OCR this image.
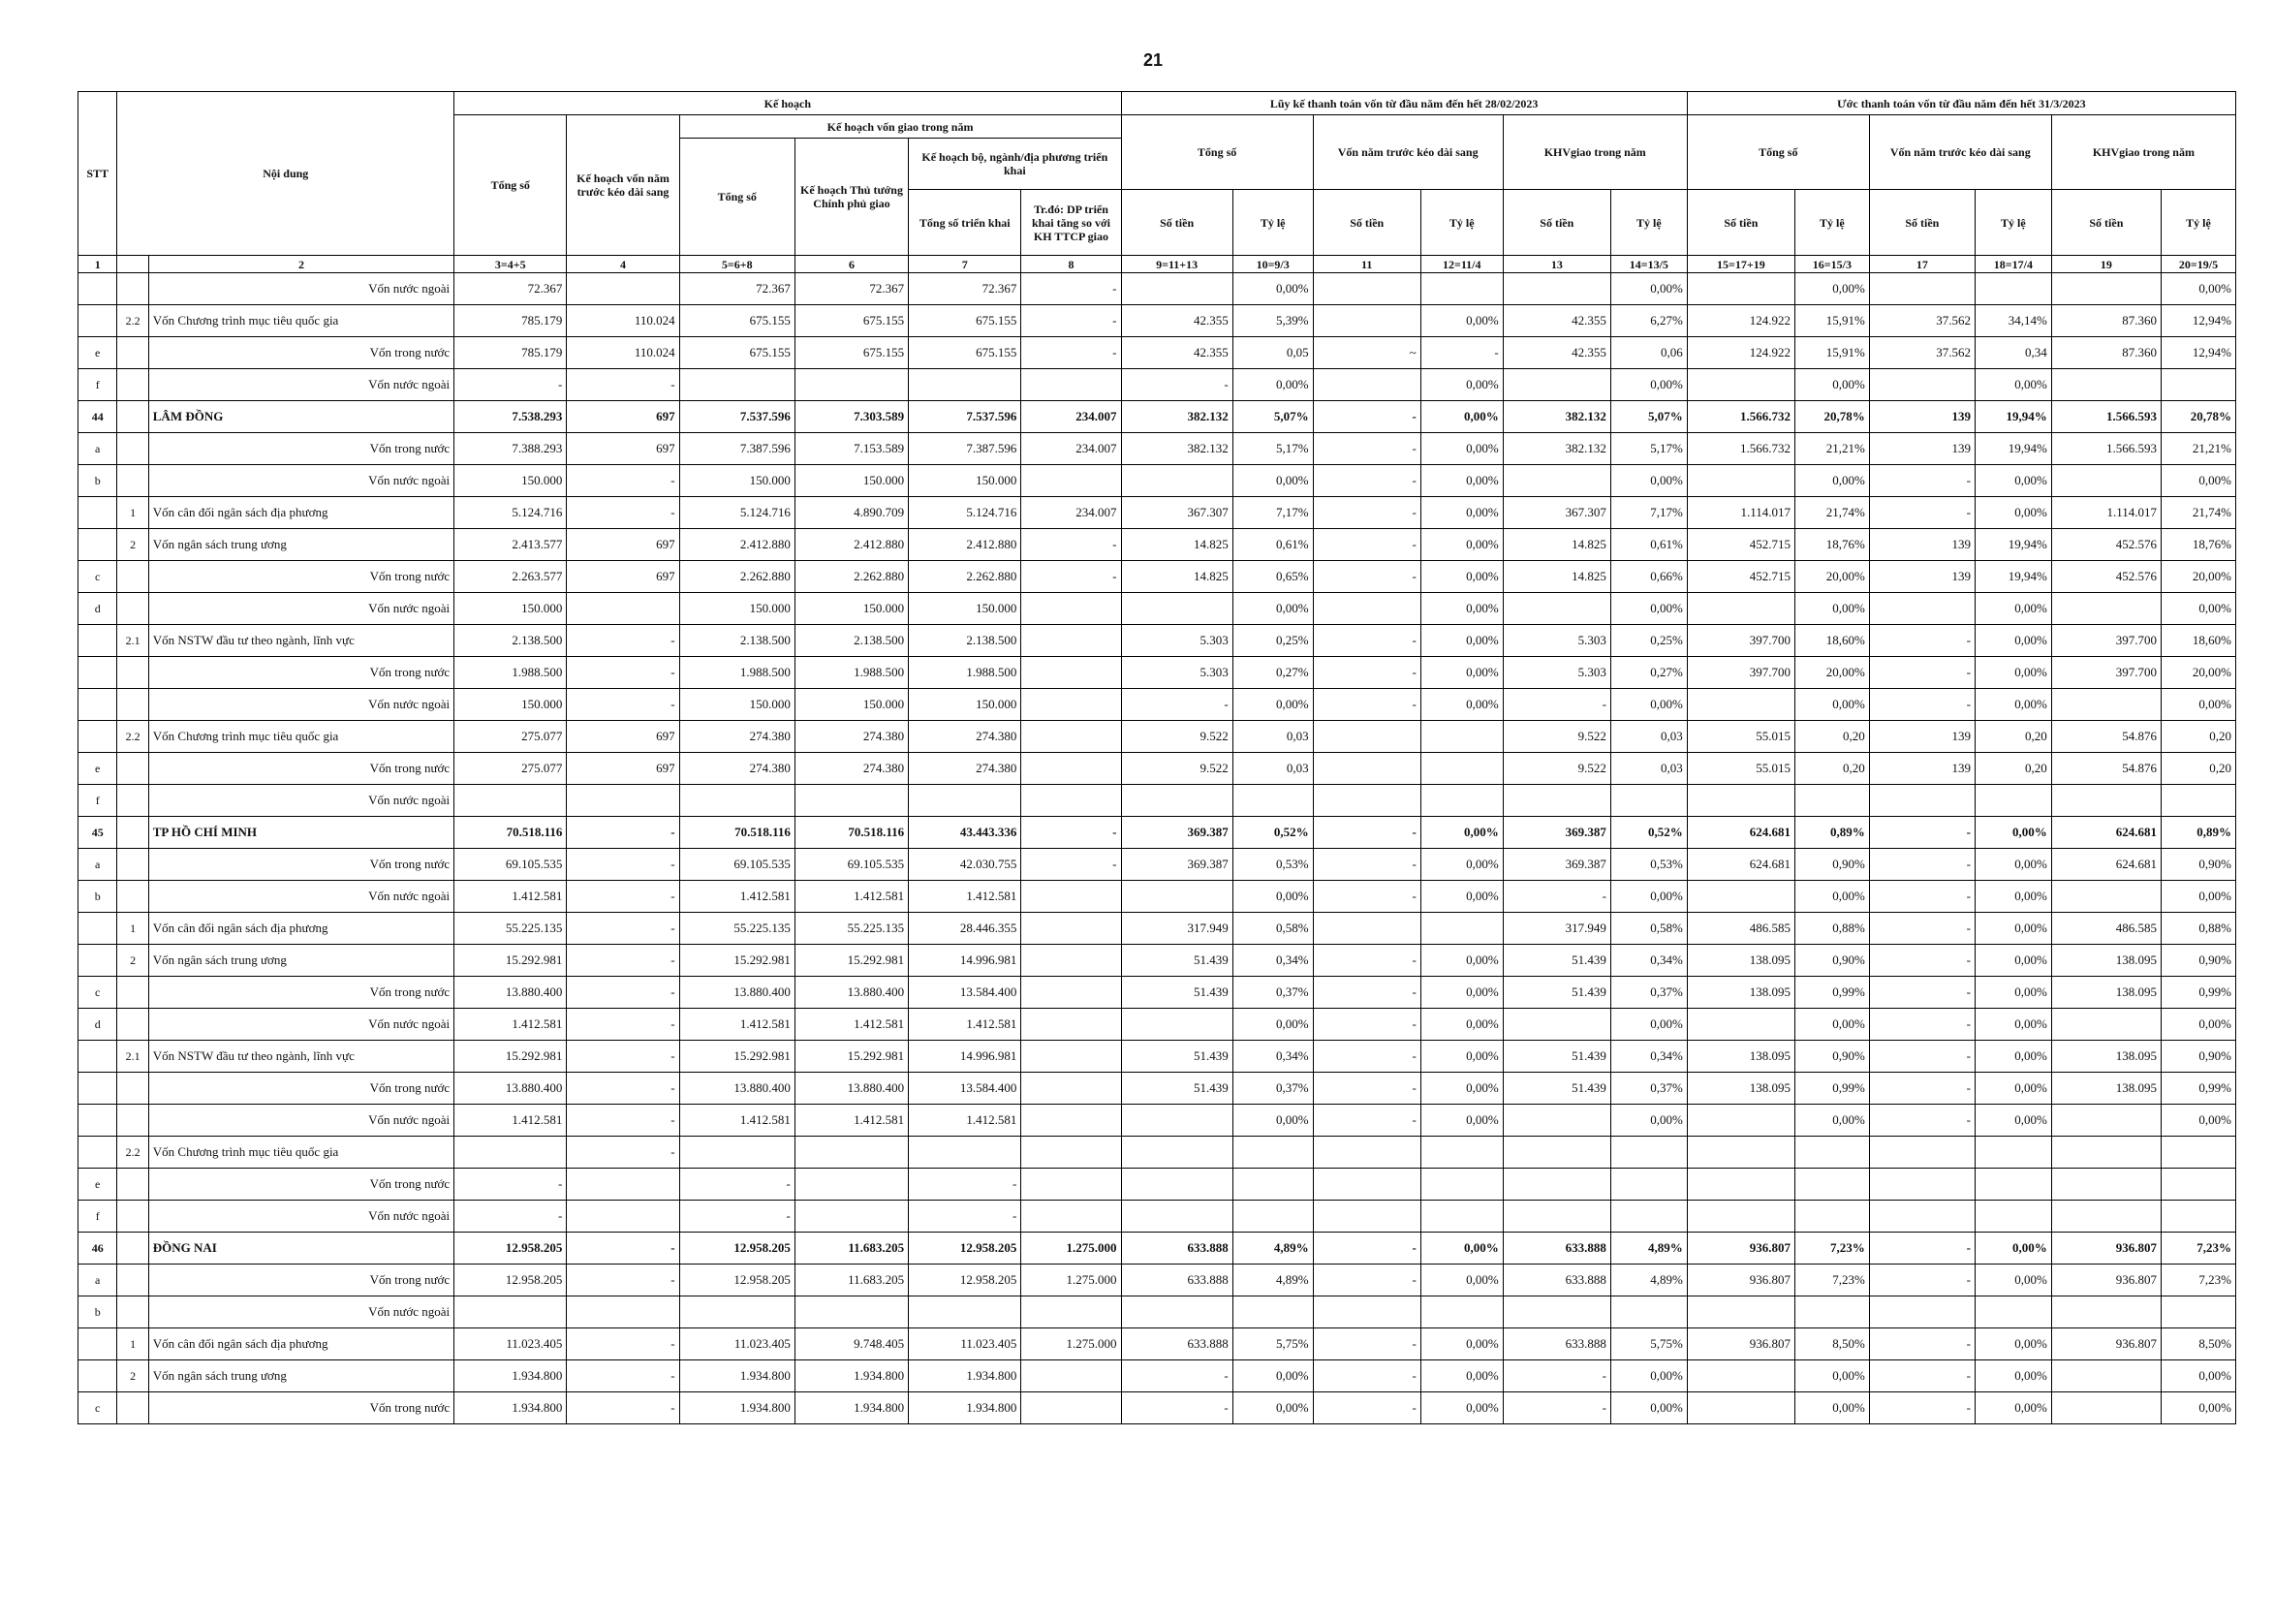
21
STT	Nội dung		Kế hoạch						Lũy kế thanh toán vốn từ đầu năm đến hết 28/02/2023						Ước thanh toán vốn từ đầu năm đến hết 31/3/2023					
			Tổng số	Kế hoạch vốn năm trước kéo dài sang	Kế hoạch vốn giao trong năm				Tổng số		Vốn năm trước kéo dài sang		KHVgiao trong năm		Tổng số		Vốn năm trước kéo dài sang		KHVgiao trong năm	
					Tổng số	Kế hoạch Thủ tướng Chính phủ giao	Kế hoạch bộ, ngành/địa phương triển khai													
							Tổng số triển khai	Tr.đó: DP triển khai tăng so với KH TTCP giao	Số tiền	Tỷ lệ	Số tiền	Tỷ lệ	Số tiền	Tỷ lệ	Số tiền	Tỷ lệ	Số tiền	Tỷ lệ	Số tiền	Tỷ lệ
1		2	3=4+5	4	5=6+8	6	7	8	9=11+13	10=9/3	11	12=11/4	13	14=13/5	15=17+19	16=15/3	17	18=17/4	19	20=19/5
		Vốn nước ngoài	72.367		72.367	72.367	72.367	-		0,00%				0,00%		0,00%				0,00%
	2.2	Vốn Chương trình mục tiêu quốc gia	785.179	110.024	675.155	675.155	675.155	-	42.355	5,39%		0,00%	42.355	6,27%	124.922	15,91%	37.562	34,14%	87.360	12,94%
e		Vốn trong nước	785.179	110.024	675.155	675.155	675.155	-	42.355	0,05	~	-	42.355	0,06	124.922	15,91%	37.562	0,34	87.360	12,94%
f		Vốn nước ngoài	-	-					-	0,00%		0,00%		0,00%		0,00%		0,00%		
44		LÂM ĐỒNG	7.538.293	697	7.537.596	7.303.589	7.537.596	234.007	382.132	5,07%	-	0,00%	382.132	5,07%	1.566.732	20,78%	139	19,94%	1.566.593	20,78%
a		Vốn trong nước	7.388.293	697	7.387.596	7.153.589	7.387.596	234.007	382.132	5,17%	-	0,00%	382.132	5,17%	1.566.732	21,21%	139	19,94%	1.566.593	21,21%
b		Vốn nước ngoài	150.000	-	150.000	150.000	150.000			0,00%	-	0,00%		0,00%		0,00%	-	0,00%		0,00%
	1	Vốn cân đối ngân sách địa phương	5.124.716	-	5.124.716	4.890.709	5.124.716	234.007	367.307	7,17%	-	0,00%	367.307	7,17%	1.114.017	21,74%	-	0,00%	1.114.017	21,74%
	2	Vốn ngân sách trung ương	2.413.577	697	2.412.880	2.412.880	2.412.880	-	14.825	0,61%	-	0,00%	14.825	0,61%	452.715	18,76%	139	19,94%	452.576	18,76%
c		Vốn trong nước	2.263.577	697	2.262.880	2.262.880	2.262.880	-	14.825	0,65%	-	0,00%	14.825	0,66%	452.715	20,00%	139	19,94%	452.576	20,00%
d		Vốn nước ngoài	150.000		150.000	150.000	150.000			0,00%		0,00%		0,00%		0,00%		0,00%		0,00%
	2.1	Vốn NSTW đầu tư theo ngành, lĩnh vực	2.138.500	-	2.138.500	2.138.500	2.138.500		5.303	0,25%	-	0,00%	5.303	0,25%	397.700	18,60%	-	0,00%	397.700	18,60%
		Vốn trong nước	1.988.500	-	1.988.500	1.988.500	1.988.500		5.303	0,27%	-	0,00%	5.303	0,27%	397.700	20,00%	-	0,00%	397.700	20,00%
		Vốn nước ngoài	150.000	-	150.000	150.000	150.000		-	0,00%	-	0,00%	-	0,00%		0,00%	-	0,00%		0,00%
	2.2	Vốn Chương trình mục tiêu quốc gia	275.077	697	274.380	274.380	274.380		9.522	0,03			9.522	0,03	55.015	0,20	139	0,20	54.876	0,20
e		Vốn trong nước	275.077	697	274.380	274.380	274.380		9.522	0,03			9.522	0,03	55.015	0,20	139	0,20	54.876	0,20
f		Vốn nước ngoài																		
45		TP HỒ CHÍ MINH	70.518.116	-	70.518.116	70.518.116	43.443.336	-	369.387	0,52%	-	0,00%	369.387	0,52%	624.681	0,89%	-	0,00%	624.681	0,89%
a		Vốn trong nước	69.105.535	-	69.105.535	69.105.535	42.030.755	-	369.387	0,53%	-	0,00%	369.387	0,53%	624.681	0,90%	-	0,00%	624.681	0,90%
b		Vốn nước ngoài	1.412.581	-	1.412.581	1.412.581	1.412.581			0,00%	-	0,00%	-	0,00%		0,00%	-	0,00%		0,00%
	1	Vốn cân đối ngân sách địa phương	55.225.135	-	55.225.135	55.225.135	28.446.355		317.949	0,58%			317.949	0,58%	486.585	0,88%	-	0,00%	486.585	0,88%
	2	Vốn ngân sách trung ương	15.292.981	-	15.292.981	15.292.981	14.996.981		51.439	0,34%	-	0,00%	51.439	0,34%	138.095	0,90%	-	0,00%	138.095	0,90%
c		Vốn trong nước	13.880.400	-	13.880.400	13.880.400	13.584.400		51.439	0,37%	-	0,00%	51.439	0,37%	138.095	0,99%	-	0,00%	138.095	0,99%
d		Vốn nước ngoài	1.412.581	-	1.412.581	1.412.581	1.412.581			0,00%	-	0,00%		0,00%		0,00%	-	0,00%		0,00%
	2.1	Vốn NSTW đầu tư theo ngành, lĩnh vực	15.292.981	-	15.292.981	15.292.981	14.996.981		51.439	0,34%	-	0,00%	51.439	0,34%	138.095	0,90%	-	0,00%	138.095	0,90%
		Vốn trong nước	13.880.400	-	13.880.400	13.880.400	13.584.400		51.439	0,37%	-	0,00%	51.439	0,37%	138.095	0,99%	-	0,00%	138.095	0,99%
		Vốn nước ngoài	1.412.581	-	1.412.581	1.412.581	1.412.581			0,00%	-	0,00%		0,00%		0,00%	-	0,00%		0,00%
	2.2	Vốn Chương trình mục tiêu quốc gia		-																
e		Vốn trong nước	-		-		-													
f		Vốn nước ngoài	-		-		-													
46		ĐỒNG NAI	12.958.205	-	12.958.205	11.683.205	12.958.205	1.275.000	633.888	4,89%	-	0,00%	633.888	4,89%	936.807	7,23%	-	0,00%	936.807	7,23%
a		Vốn trong nước	12.958.205	-	12.958.205	11.683.205	12.958.205	1.275.000	633.888	4,89%	-	0,00%	633.888	4,89%	936.807	7,23%	-	0,00%	936.807	7,23%
b		Vốn nước ngoài																		
	1	Vốn cân đối ngân sách địa phương	11.023.405	-	11.023.405	9.748.405	11.023.405	1.275.000	633.888	5,75%	-	0,00%	633.888	5,75%	936.807	8,50%	-	0,00%	936.807	8,50%
	2	Vốn ngân sách trung ương	1.934.800	-	1.934.800	1.934.800	1.934.800		-	0,00%	-	0,00%	-	0,00%		0,00%	-	0,00%		0,00%
c		Vốn trong nước	1.934.800	-	1.934.800	1.934.800	1.934.800		-	0,00%	-	0,00%	-	0,00%		0,00%	-	0,00%		0,00%
